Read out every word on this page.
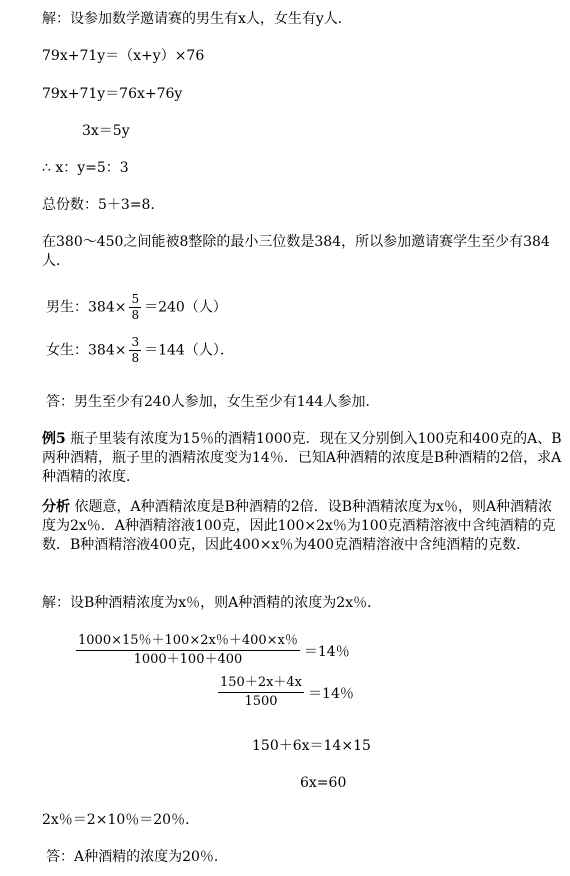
解：设参加数学邀请赛的男生有x人，女生有y人．
79x+71y＝（x+y）×76
79x+71y＝76x+76y
3x＝5y
∴ x：y=5：3
总份数：5＋3=8．
在380～450之间能被8整除的最小三位数是384，所以参加邀请赛学生至少有384人．
男生：$384\times \frac{5}{8} =240$（人）
女生：$384\times \frac{3}{8} =144$（人）．
答：男生至少有240人参加，女生至少有144人参加．
例5 瓶子里装有浓度为15％的酒精1000克．现在又分别倒入100克和400克的A、B两种酒精，瓶子里的酒精浓度变为14％．已知A种酒精的浓度是B种酒精的2倍，求A种酒精的浓度．
分析 依题意，A种酒精浓度是B种酒精的2倍．设B种酒精浓度为x％，则A种酒精浓度为2x％．A种酒精溶液100克，因此100×2x％为100克酒精溶液中含纯酒精的克数．B种酒精溶液400克，因此400×x％为400克酒精溶液中含纯酒精的克数．
解：设B种酒精浓度为x％，则A种酒精的浓度为2x％．
$\frac{1000\times 15\%+100\times 2x\%+400\times x\%}{1000+100+400} =14$％
$\frac{150+2x+4x}{1500} =14$％
150＋6x＝14×15
6x=60
2x％＝2×10％＝20％．
答：A种酒精的浓度为20％．
